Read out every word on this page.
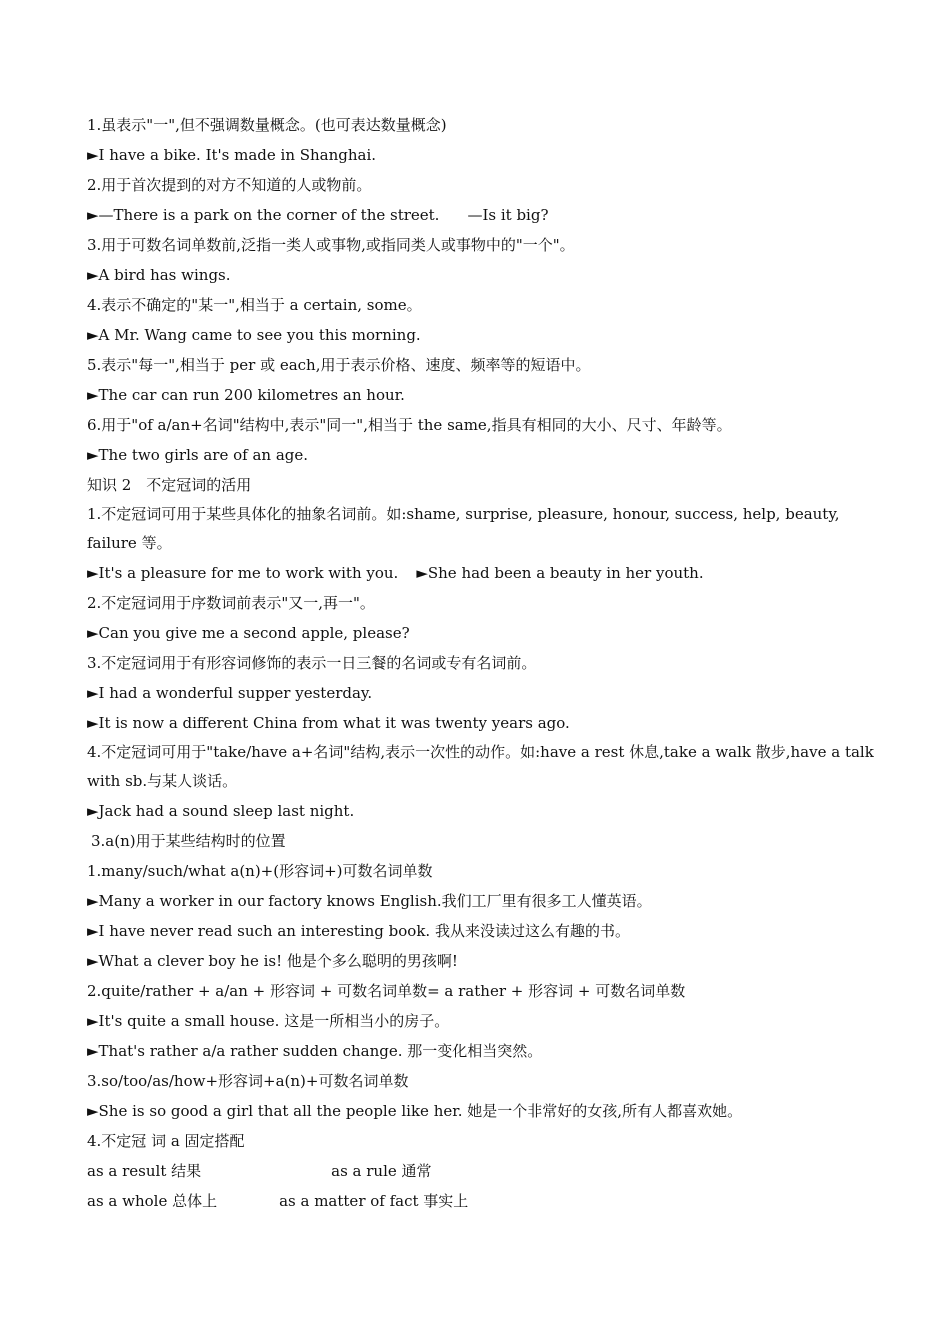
1.虽表示"一",但不强调数量概念。(也可表达数量概念)
►I have a bike. It's made in Shanghai.
2.用于首次提到的对方不知道的人或物前。
►—There is a park on the corner of the street. —Is it big?
3.用于可数名词单数前,泛指一类人或事物,或指同类人或事物中的"一个"。
►A bird has wings.
4.表示不确定的"某一",相当于 a certain, some。
►A Mr. Wang came to see you this morning.
5.表示"每一",相当于 per 或 each,用于表示价格、速度、频率等的短语中。
►The car can run 200 kilometres an hour.
6.用于"of a/an+名词"结构中,表示"同一",相当于 the same,指具有相同的大小、尺寸、年龄等。
►The two girls are of an age.
知识 2　不定冠词的活用
1.不定冠词可用于某些具体化的抽象名词前。如:shame, surprise, pleasure, honour, success, help, beauty, failure 等。
►It's a pleasure for me to work with you. ►She had been a beauty in her youth.
2.不定冠词用于序数词前表示"又一,再一"。
►Can you give me a second apple, please?
3.不定冠词用于有形容词修饰的表示一日三餐的名词或专有名词前。
►I had a wonderful supper yesterday.
►It is now a different China from what it was twenty years ago.
4.不定冠词可用于"take/have a+名词"结构,表示一次性的动作。如:have a rest 休息,take a walk 散步,have a talk with sb.与某人谈话。
►Jack had a sound sleep last night.
3.a(n)用于某些结构时的位置
1.many/such/what a(n)+(形容词+)可数名词单数
►Many a worker in our factory knows English.我们工厂里有很多工人懂英语。
►I have never read such an interesting book. 我从来没读过这么有趣的书。
►What a clever boy he is! 他是个多么聪明的男孩啊!
2.quite/rather + a/an + 形容词 + 可数名词单数= a rather + 形容词 + 可数名词单数
►It's quite a small house. 这是一所相当小的房子。
►That's rather a/a rather sudden change. 那一变化相当突然。
3.so/too/as/how+形容词+a(n)+可数名词单数
►She is so good a girl that all the people like her. 她是一个非常好的女孩,所有人都喜欢她。
4.不定冠 词 a 固定搭配
as a result 结果	as a rule 通常
as a whole 总体上	as a matter of fact 事实上
